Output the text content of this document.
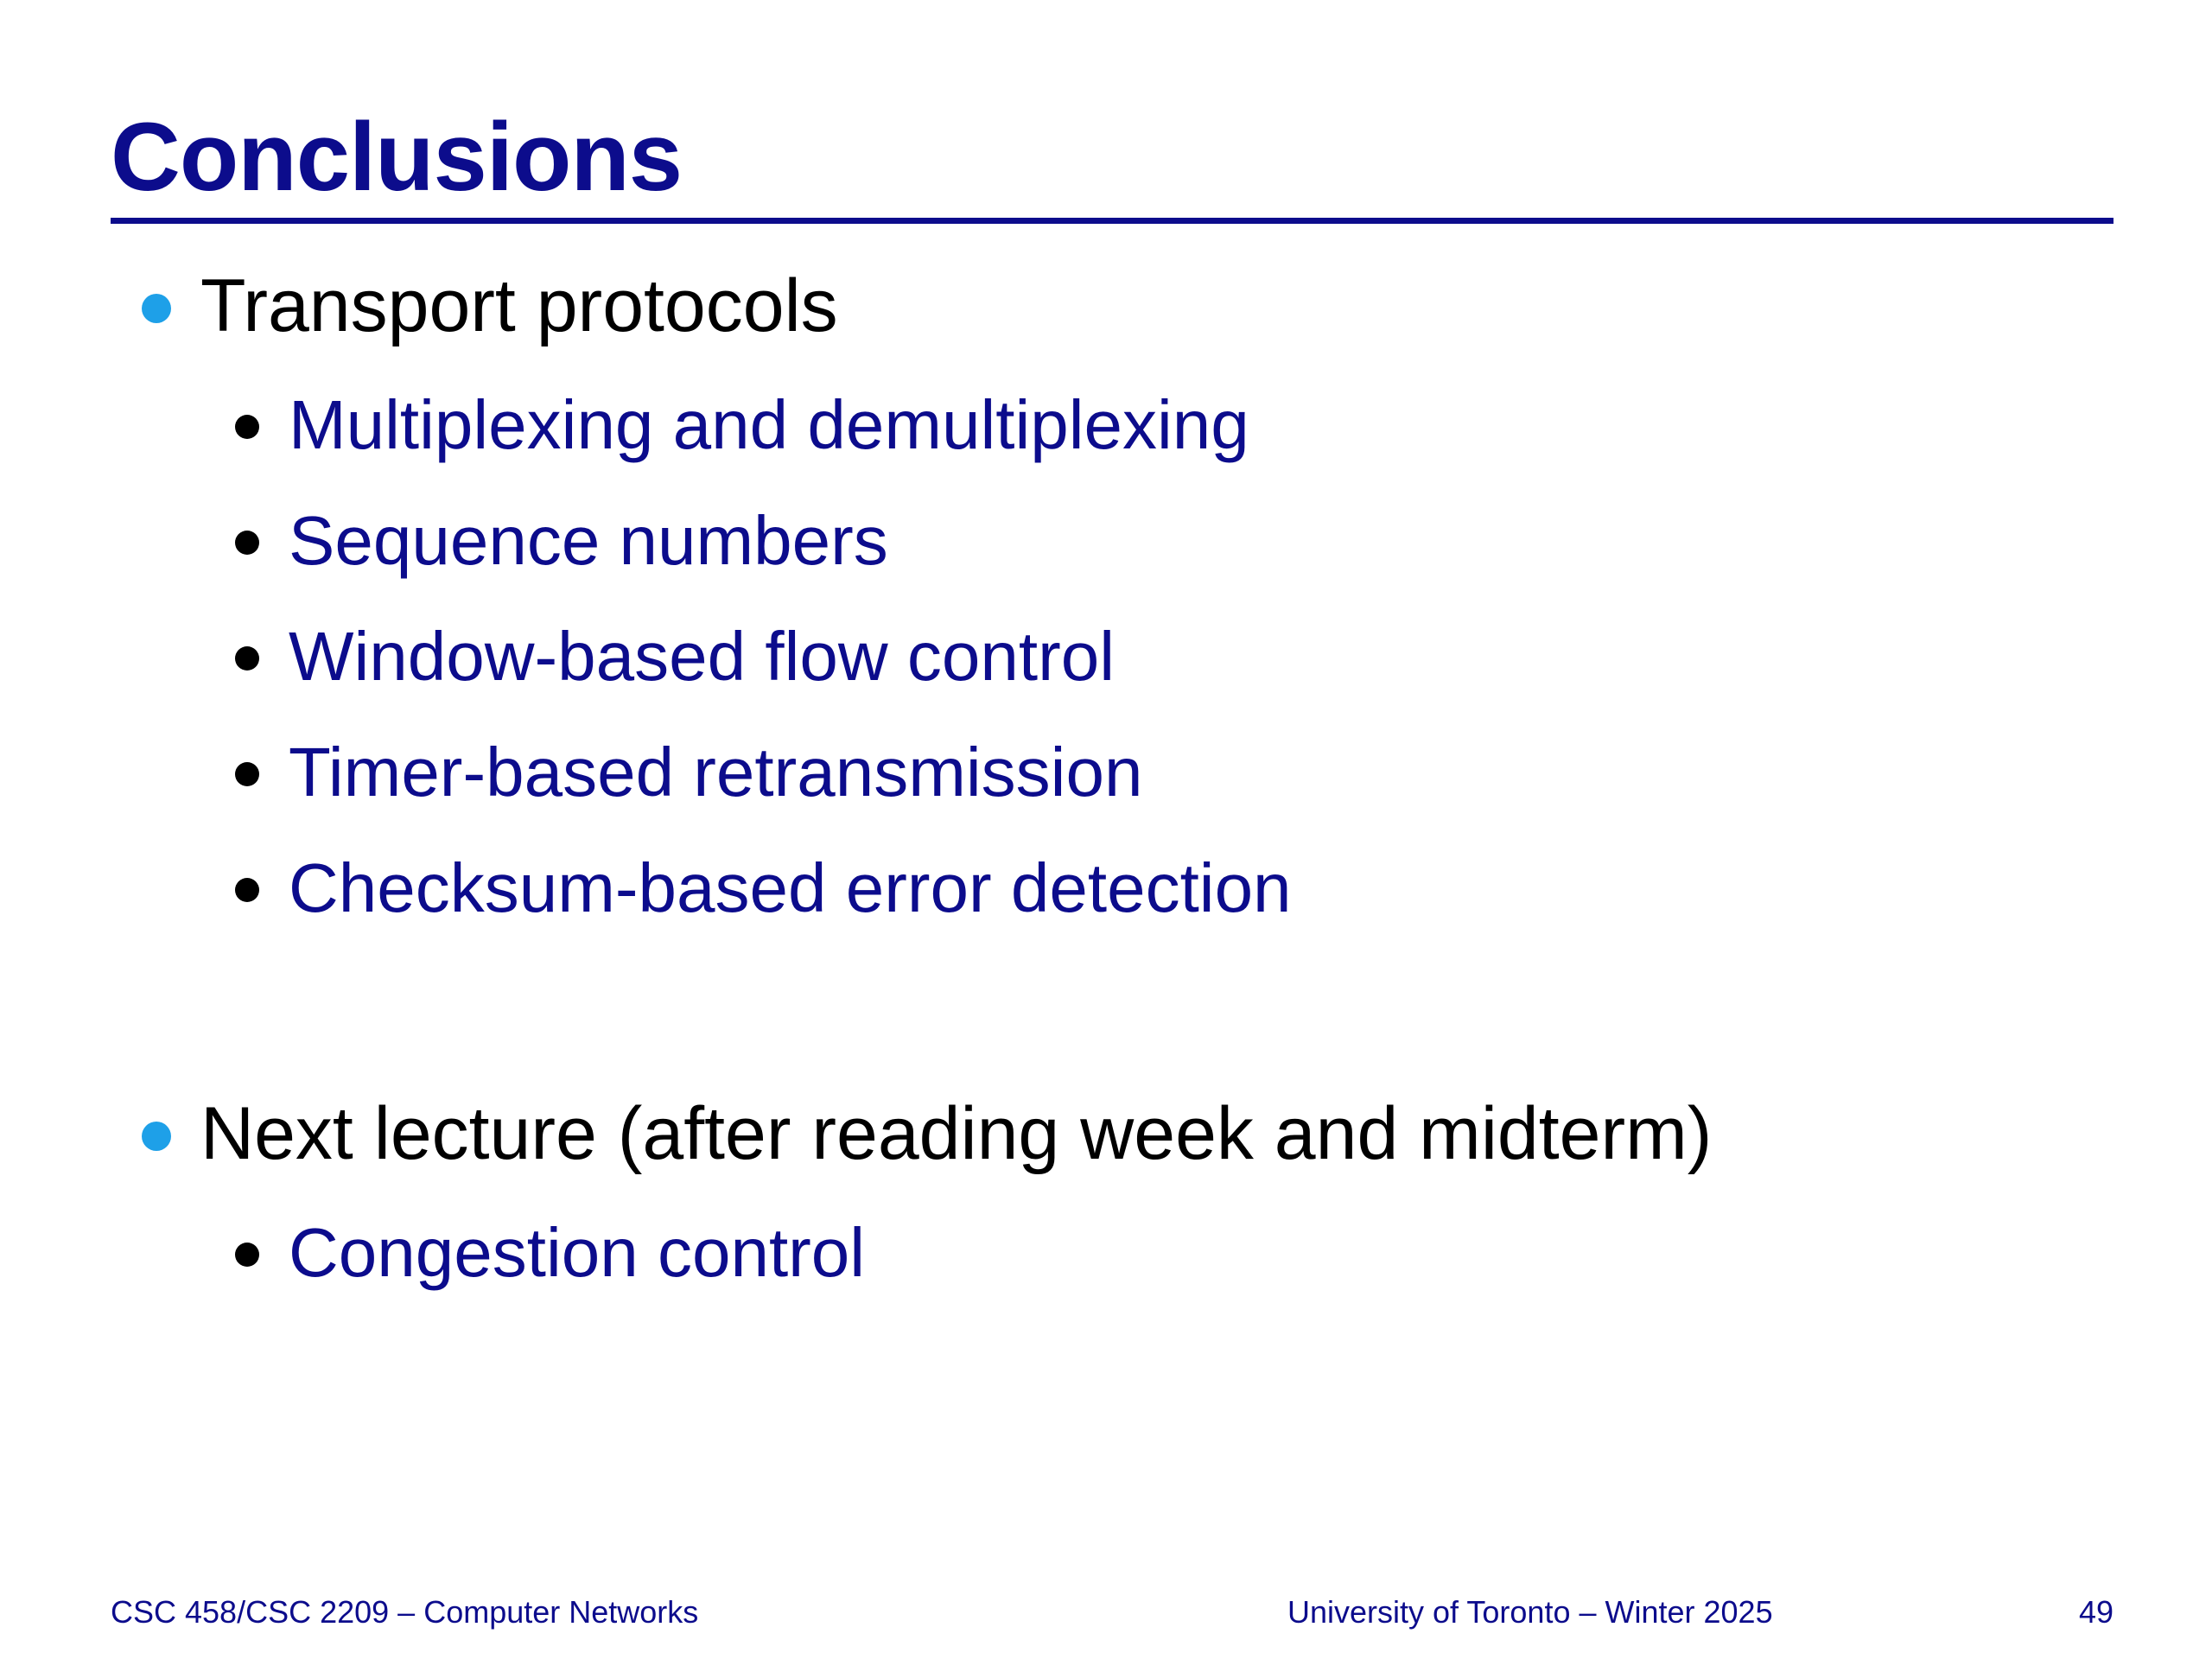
Conclusions
Transport protocols
Multiplexing and demultiplexing
Sequence numbers
Window-based flow control
Timer-based retransmission
Checksum-based error detection
Next lecture (after reading week and midterm)
Congestion control
CSC 458/CSC 2209 – Computer Networks	University of Toronto – Winter 2025	49
